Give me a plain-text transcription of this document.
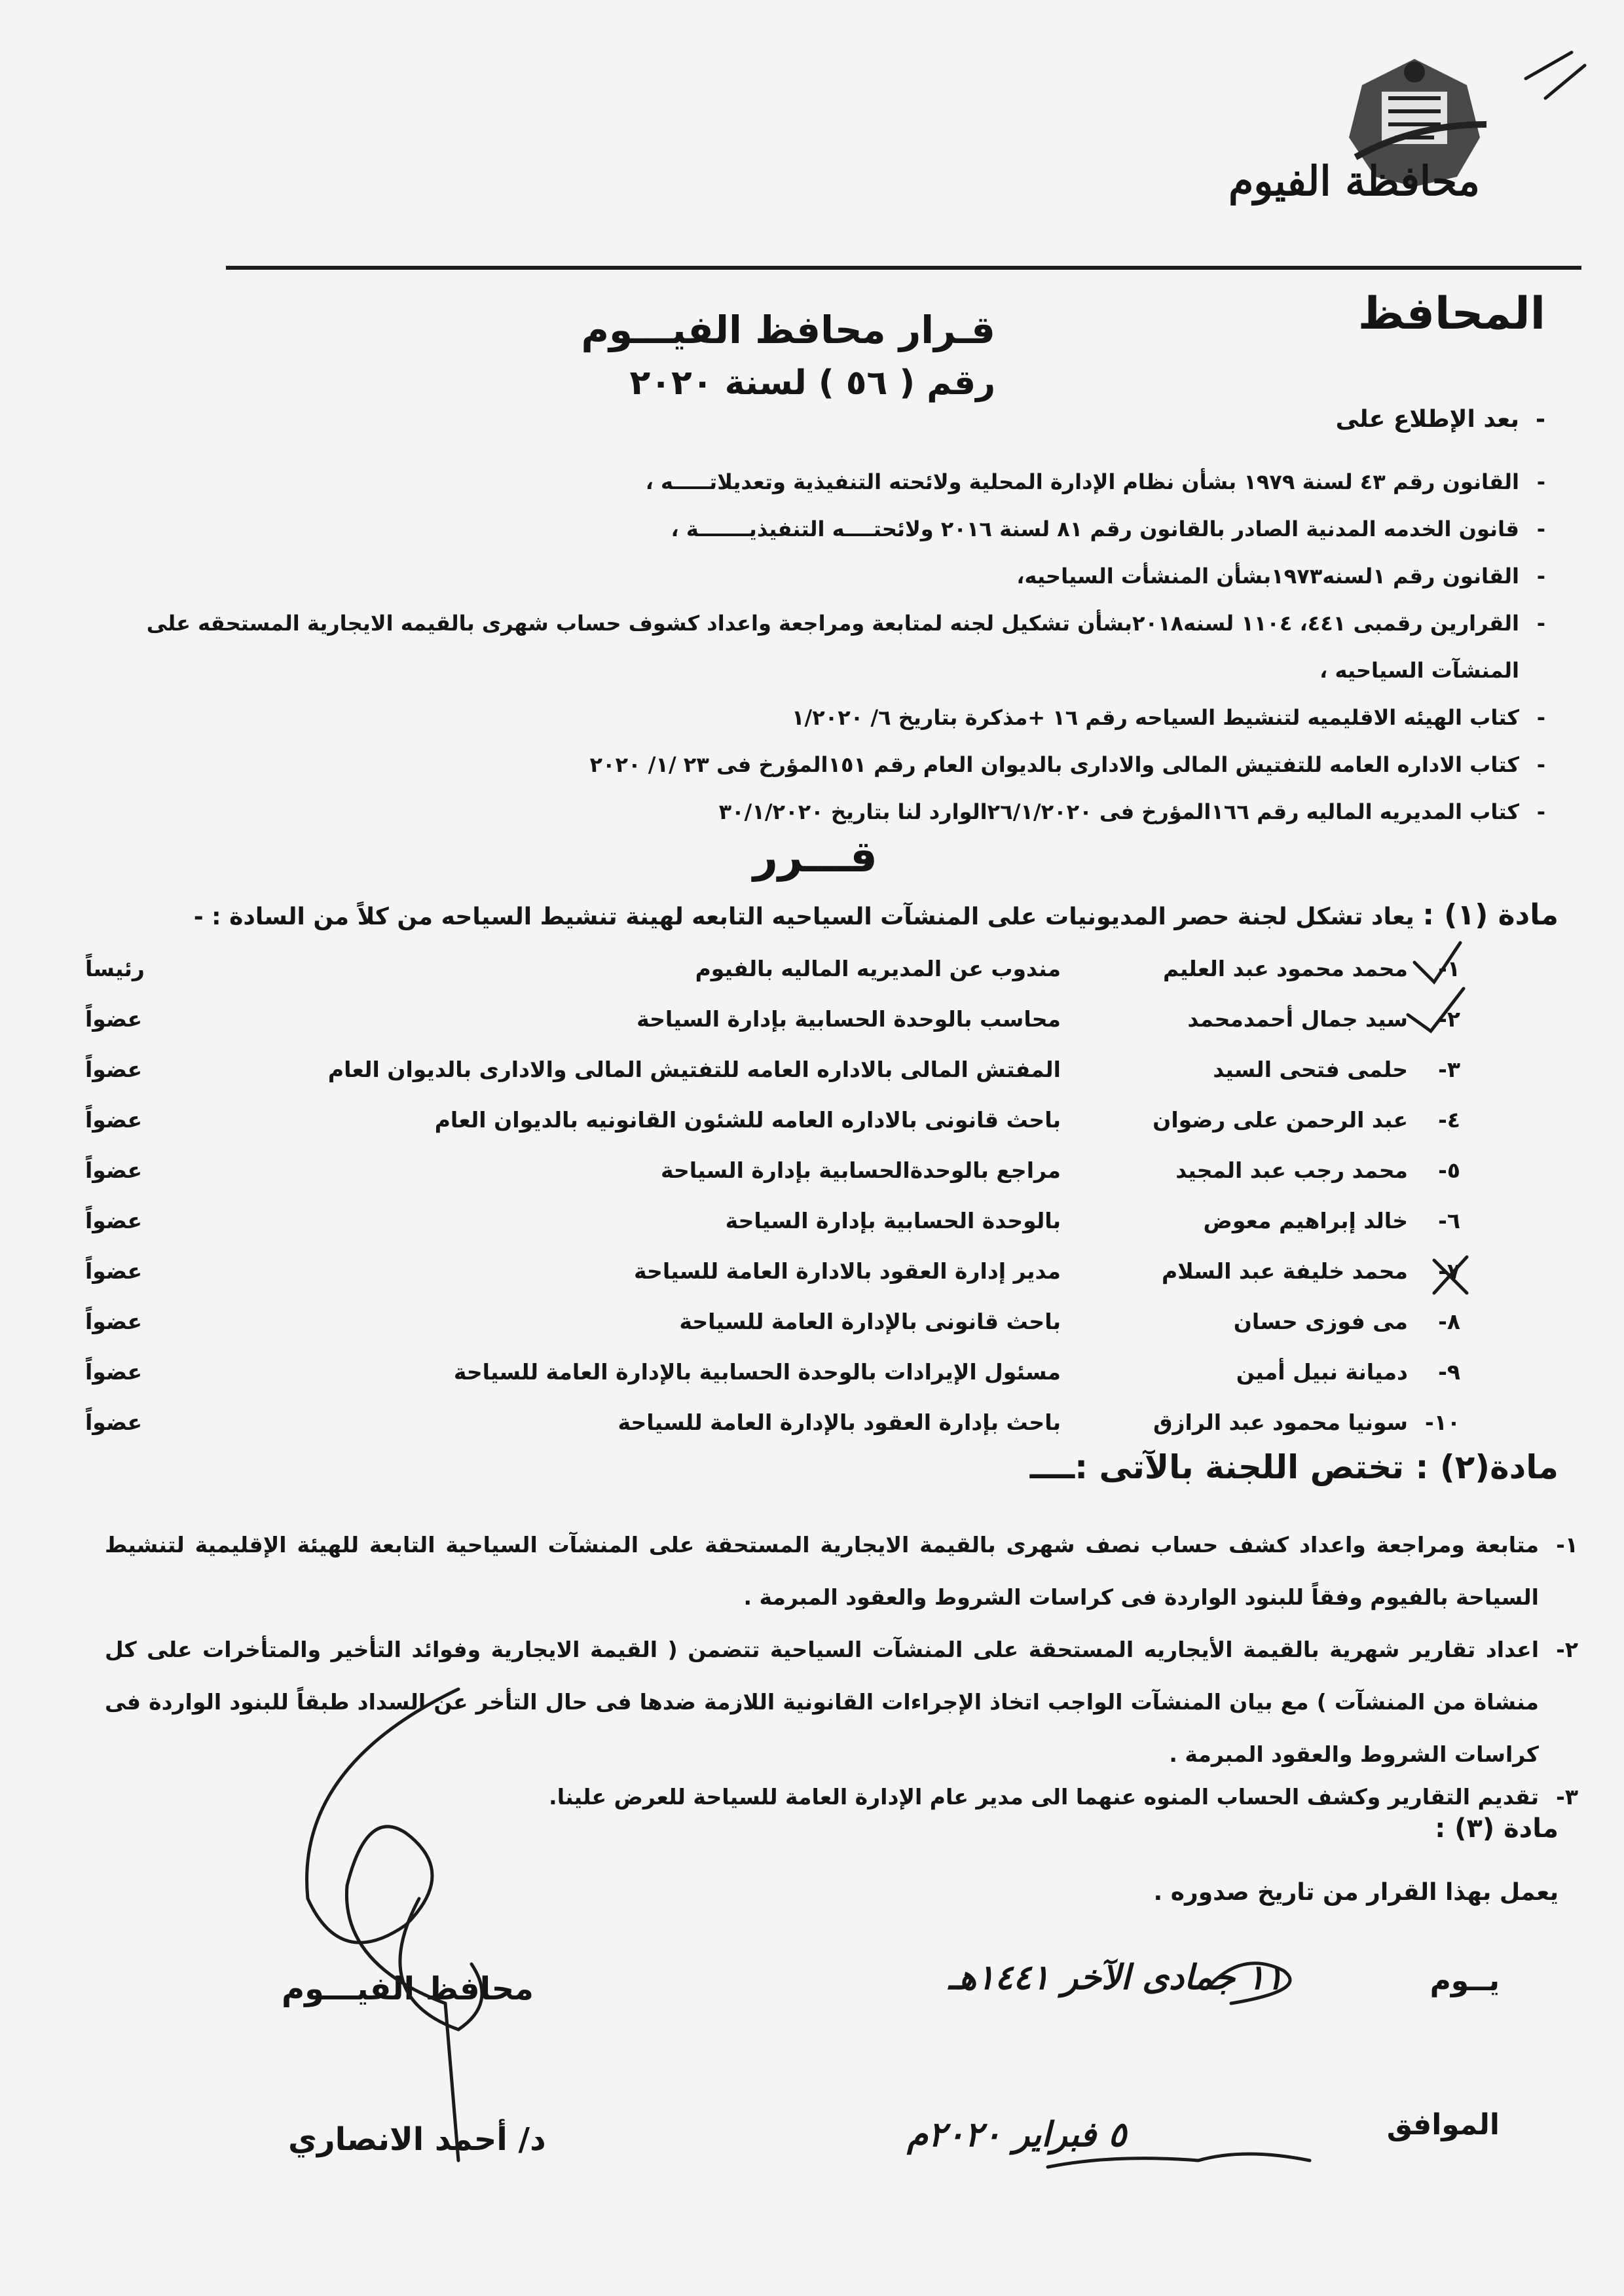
محافظة الفيوم
المحافظ
قـرار محافظ الفيـــوم
رقم ( ٥٦ ) لسنة ٢٠٢٠
-  بعد الإطلاع على
-
القانون رقم ٤٣ لسنة ١٩٧٩ بشأن نظام الإدارة المحلية ولائحته التنفيذية وتعديلاتـــــه ،
-
قانون الخدمه المدنية الصادر بالقانون رقم ٨١ لسنة ٢٠١٦ ولائحتــــه التنفيذيـــــــة ،
-
القانون رقم ١لسنه١٩٧٣بشأن المنشأت السياحيه،
-
القرارين رقمبى ٤٤١، ١١٠٤ لسنه٢٠١٨بشأن تشكيل لجنه لمتابعة ومراجعة واعداد كشوف حساب شهرى بالقيمه الايجارية المستحقه على المنشآت السياحيه ،
-
كتاب الهيئه الاقليميه لتنشيط السياحه رقم ١٦ +مذكرة بتاريخ ٦/ ١/٢٠٢٠
-
كتاب الاداره العامه للتفتيش المالى والادارى بالديوان العام رقم ١٥١المؤرخ فى ٢٣ /١/ ٢٠٢٠
-
كتاب المديريه الماليه رقم ١٦٦المؤرخ فى ٢٦/١/٢٠٢٠الوارد لنا بتاريخ ٣٠/١/٢٠٢٠
قـــرر
مادة (١) : يعاد تشكل لجنة حصر المديونيات على المنشآت السياحيه التابعه لهينة تنشيط السياحه من كلاً من السادة : -
١-
محمد محمود عبد العليم
مندوب عن المديريه الماليه بالفيوم
رئيساً
٢-
سيد جمال أحمدمحمد
محاسب بالوحدة الحسابية بإدارة السياحة
عضواً
٣-
حلمى فتحى السيد
المفتش المالى بالاداره العامه للتفتيش المالى والادارى بالديوان العام
عضواً
٤-
عبد الرحمن على رضوان
باحث قانونى بالاداره العامه للشئون القانونيه بالديوان العام
عضواً
٥-
محمد رجب عبد المجيد
مراجع بالوحدةالحسابية بإدارة السياحة
عضواً
٦-
خالد إبراهيم معوض
بالوحدة الحسابية بإدارة السياحة
عضواً
٧-
محمد خليفة عبد السلام
مدير إدارة العقود بالادارة العامة للسياحة
عضواً
٨-
مى فوزى حسان
باحث قانونى بالإدارة العامة للسياحة
عضواً
٩-
دميانة نبيل أمين
مسئول الإيرادات بالوحدة الحسابية بالإدارة العامة للسياحة
عضواً
١٠-
سونيا محمود عبد الرازق
باحث بإدارة العقود بالإدارة العامة للسياحة
عضواً
مادة(٢) : تختص اللجنة بالآتى :ــــ
١-
متابعة ومراجعة واعداد كشف حساب نصف شهرى بالقيمة الايجارية المستحقة على المنشآت السياحية التابعة للهيئة الإقليمية لتنشيط السياحة بالفيوم وفقاً للبنود الواردة فى كراسات الشروط والعقود المبرمة .
٢-
اعداد تقارير شهرية بالقيمة الأيجاريه المستحقة على المنشآت السياحية تتضمن ( القيمة الايجارية وفوائد التأخير والمتأخرات على كل منشاة من المنشآت ) مع بيان المنشآت الواجب اتخاذ الإجراءات القانونية اللازمة ضدها فى حال التأخر عن السداد طبقاً للبنود الواردة فى كراسات الشروط والعقود المبرمة .
٣-
تقديم التقارير وكشف الحساب المنوه عنهما الى مدير عام الإدارة العامة للسياحة للعرض علينا.
مادة (٣) :
يعمل بهذا القرار من تاريخ صدوره .
يــوم
١١ جمادى الآخر ١٤٤١هـ
الموافق
٥ فبراير ٢٠٢٠م
محافظ الفيـــوم
د/ أحمد الانصاري
